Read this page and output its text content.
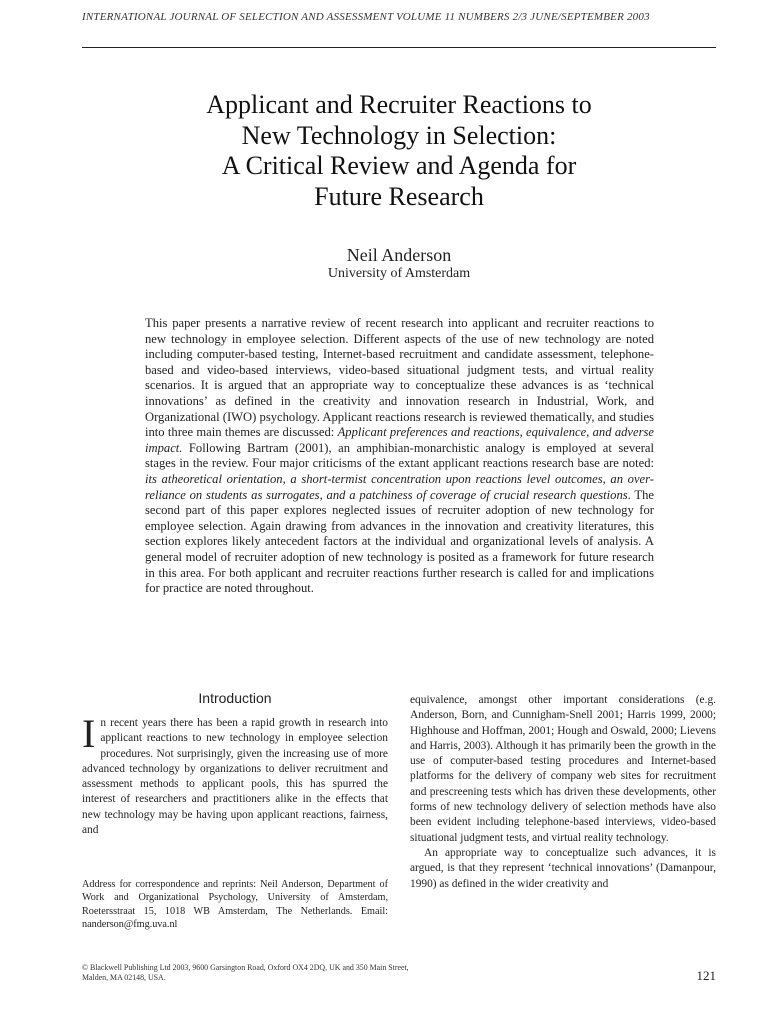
INTERNATIONAL JOURNAL OF SELECTION AND ASSESSMENT VOLUME 11 NUMBERS 2/3 JUNE/SEPTEMBER 2003
Applicant and Recruiter Reactions to
New Technology in Selection:
A Critical Review and Agenda for
Future Research
Neil Anderson
University of Amsterdam

This paper presents a narrative review of recent research into applicant and recruiter reactions to new technology in employee selection. Different aspects of the use of new technology are noted including computer-based testing, Internet-based recruitment and candidate assessment, telephone-based and video-based interviews, video-based situational judgment tests, and virtual reality scenarios. It is argued that an appropriate way to conceptualize these advances is as ‘technical innovations’ as defined in the creativity and innovation research in Industrial, Work, and Organizational (IWO) psychology. Applicant reactions research is reviewed thematically, and studies into three main themes are discussed: Applicant preferences and reactions, equivalence, and adverse impact. Following Bartram (2001), an amphibian-monarchistic analogy is employed at several stages in the review. Four major criticisms of the extant applicant reactions research base are noted: its atheoretical orientation, a short-termist concentration upon reactions level outcomes, an over-reliance on students as surrogates, and a patchiness of coverage of crucial research questions. The second part of this paper explores neglected issues of recruiter adoption of new technology for employee selection. Again drawing from advances in the innovation and creativity literatures, this section explores likely antecedent factors at the individual and organizational levels of analysis. A general model of recruiter adoption of new technology is posited as a framework for future research in this area. For both applicant and recruiter reactions further research is called for and implications for practice are noted throughout.

Introduction

In recent years there has been a rapid growth in research into applicant reactions to new technology in employee selection procedures. Not surprisingly, given the increasing use of more advanced technology by organizations to deliver recruitment and assessment methods to applicant pools, this has spurred the interest of researchers and practitioners alike in the effects that new technology may be having upon applicant reactions, fairness, and

equivalence, amongst other important considerations (e.g. Anderson, Born, and Cunnigham-Snell 2001; Harris 1999, 2000; Highhouse and Hoffman, 2001; Hough and Oswald, 2000; Lievens and Harris, 2003). Although it has primarily been the growth in the use of computer-based testing procedures and Internet-based platforms for the delivery of company web sites for recruitment and prescreening tests which has driven these developments, other forms of new technology delivery of selection methods have also been evident including telephone-based interviews, video-based situational judgment tests, and virtual reality technology.

An appropriate way to conceptualize such advances, it is argued, is that they represent ‘technical innovations’ (Damanpour, 1990) as defined in the wider creativity and

Address for correspondence and reprints: Neil Anderson, Department of Work and Organizational Psychology, University of Amsterdam, Roetersstraat 15, 1018 WB Amsterdam, The Netherlands. Email: nanderson@fmg.uva.nl

© Blackwell Publishing Ltd 2003, 9600 Garsington Road, Oxford OX4 2DQ, UK and 350 Main Street, Malden, MA 02148, USA.	121
